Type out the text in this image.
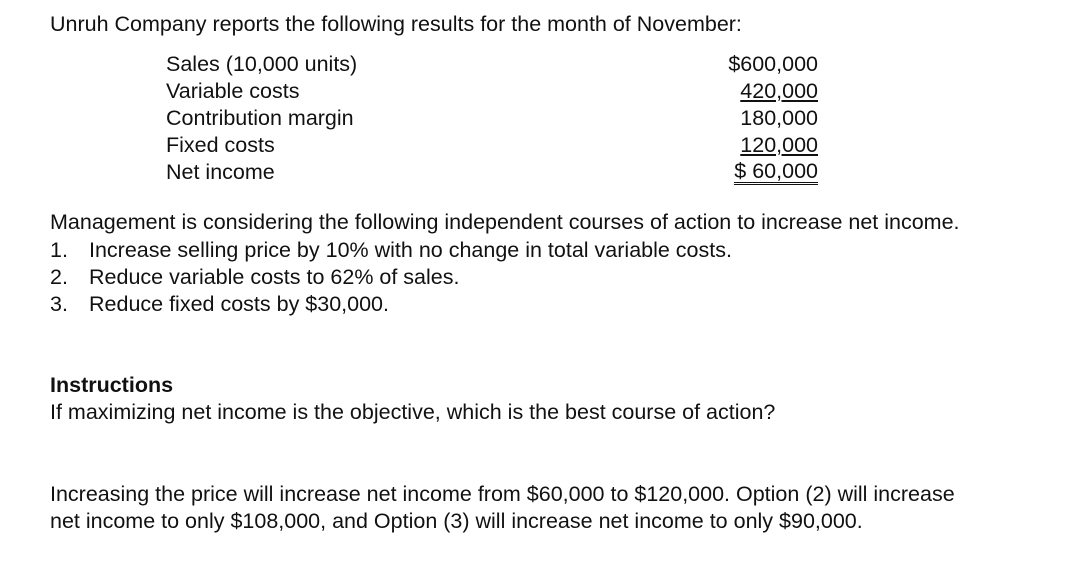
Unruh Company reports the following results for the month of November:
Sales (10,000 units)	$600,000
Variable costs	420,000
Contribution margin	180,000
Fixed costs	120,000
Net income	$ 60,000
Management is considering the following independent courses of action to increase net income.
1. Increase selling price by 10% with no change in total variable costs.
2. Reduce variable costs to 62% of sales.
3. Reduce fixed costs by $30,000.
Instructions
If maximizing net income is the objective, which is the best course of action?
Increasing the price will increase net income from $60,000 to $120,000. Option (2) will increase
net income to only $108,000, and Option (3) will increase net income to only $90,000.
